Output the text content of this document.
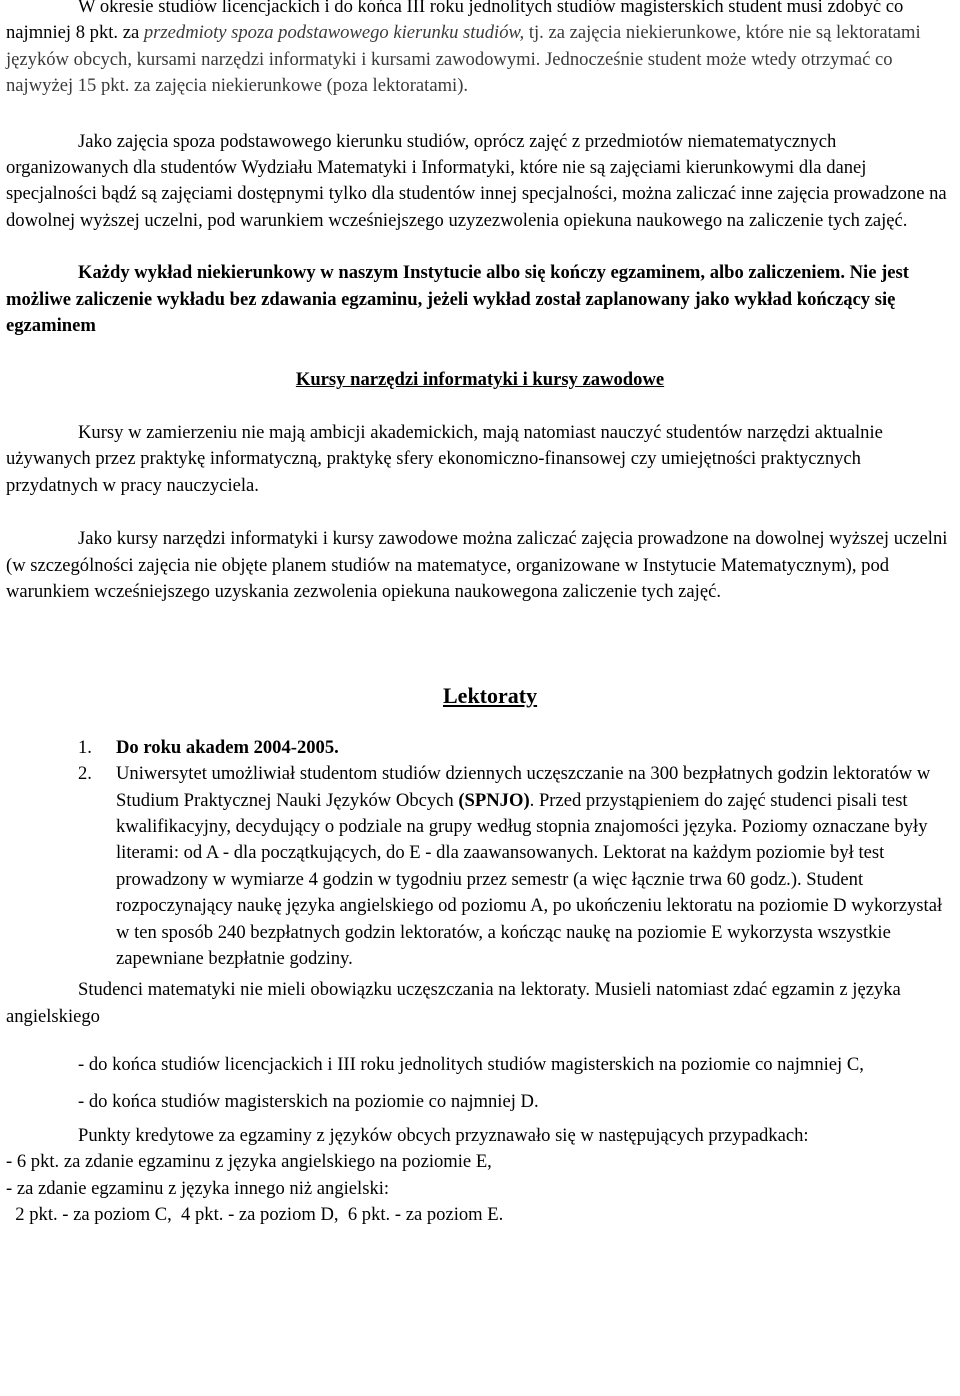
W okresie studiów licencjackich i do końca III roku jednolitych studiów magisterskich student musi zdobyć co najmniej 8 pkt. za przedmioty spoza podstawowego kierunku studiów, tj. za zajęcia niekierunkowe, które nie są lektoratami języków obcych, kursami narzędzi informatyki i kursami zawodowymi. Jednocześnie student może wtedy otrzymać co najwyżej 15 pkt. za zajęcia niekierunkowe (poza lektoratami).

Jako zajęcia spoza podstawowego kierunku studiów, oprócz zajęć z przedmiotów niematematycznych organizowanych dla studentów Wydziału Matematyki i Informatyki, które nie są zajęciami kierunkowymi dla danej specjalności bądź są zajęciami dostępnymi tylko dla studentów innej specjalności, można zaliczać inne zajęcia prowadzone na dowolnej wyższej uczelni, pod warunkiem wcześniejszego uzyzezwolenia opiekuna naukowego na zaliczenie tych zajęć.

Każdy wykład niekierunkowy w naszym Instytucie albo się kończy egzaminem, albo zaliczeniem. Nie jest możliwe zaliczenie wykładu bez zdawania egzaminu, jeżeli wykład został zaplanowany jako wykład kończący się egzaminem

Kursy narzędzi informatyki i kursy zawodowe

Kursy w zamierzeniu nie mają ambicji akademickich, mają natomiast nauczyć studentów narzędzi aktualnie używanych przez praktykę informatyczną, praktykę sfery ekonomiczno-finansowej czy umiejętności praktycznych przydatnych w pracy nauczyciela.

Jako kursy narzędzi informatyki i kursy zawodowe można zaliczać zajęcia prowadzone na dowolnej wyższej uczelni (w szczególności zajęcia nie objęte planem studiów na matematyce, organizowane w Instytucie Matematycznym), pod warunkiem wcześniejszego uzyskania zezwolenia opiekuna naukowegona zaliczenie tych zajęć.

Lektoraty

1.	Do roku akadem 2004-2005.
2.	Uniwersytet umożliwiał studentom studiów dziennych uczęszczanie na 300 bezpłatnych godzin lektoratów w Studium Praktycznej Nauki Języków Obcych (SPNJO). Przed przystąpieniem do zajęć studenci pisali test kwalifikacyjny, decydujący o podziale na grupy według stopnia znajomości języka. Poziomy oznaczane były literami: od A - dla początkujących, do E - dla zaawansowanych. Lektorat na każdym poziomie był test prowadzony w wymiarze 4 godzin w tygodniu przez semestr (a więc łącznie trwa 60 godz.). Student rozpoczynający naukę języka angielskiego od poziomu A, po ukończeniu lektoratu na poziomie D wykorzystał w ten sposób 240 bezpłatnych godzin lektoratów, a kończąc naukę na poziomie E wykorzysta wszystkie zapewniane bezpłatnie godziny.

Studenci matematyki nie mieli obowiązku uczęszczania na lektoraty. Musieli natomiast zdać egzamin z języka angielskiego

- do końca studiów licencjackich i III roku jednolitych studiów magisterskich na poziomie co najmniej C,

- do końca studiów magisterskich na poziomie co najmniej D.

Punkty kredytowe za egzaminy z języków obcych przyznawało się w następujących przypadkach:

- 6 pkt. za zdanie egzaminu z języka angielskiego na poziomie E,

- za zdanie egzaminu z języka innego niż angielski:

2 pkt. - za poziom C,  4 pkt. - za poziom D,  6 pkt. - za poziom E.
